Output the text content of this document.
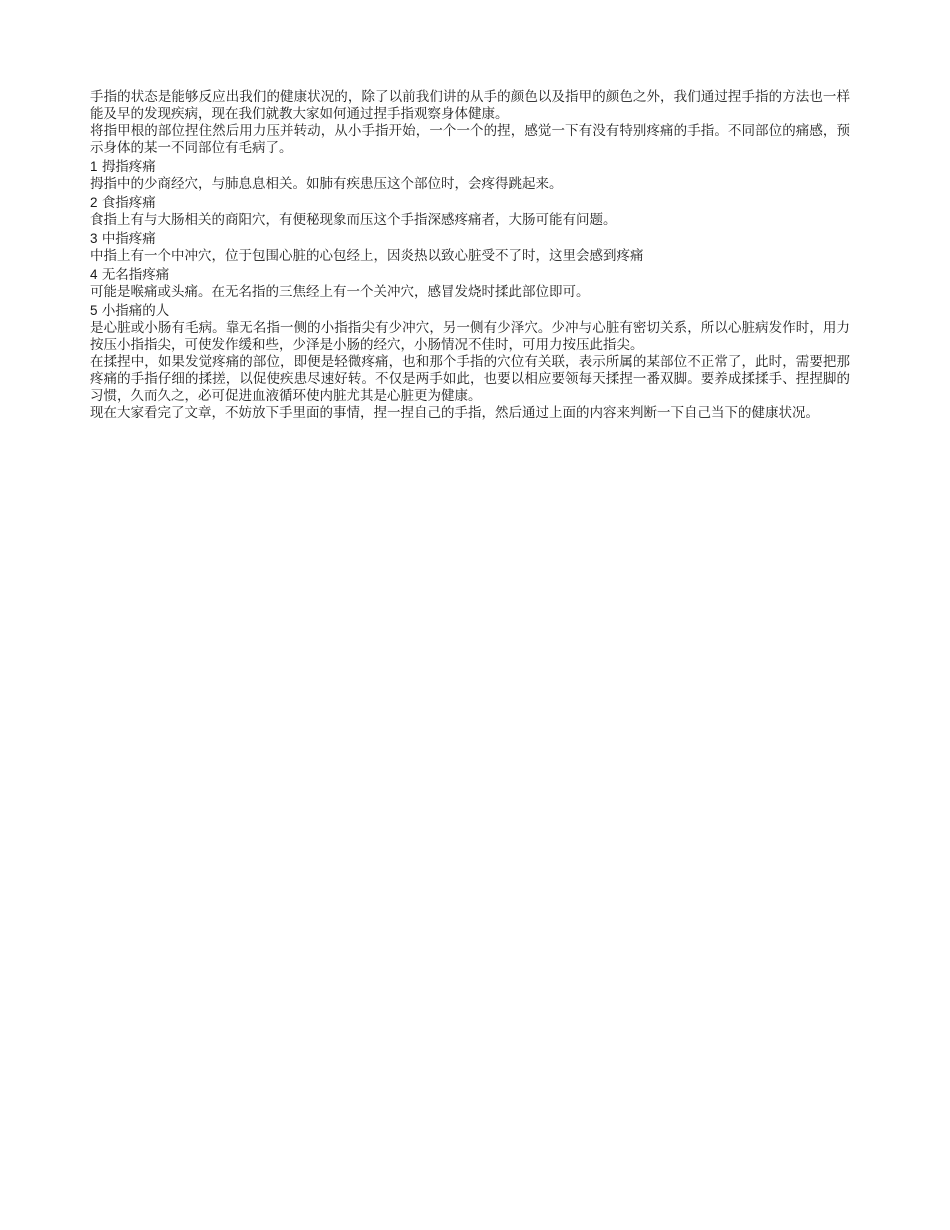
手指的状态是能够反应出我们的健康状况的，除了以前我们讲的从手的颜色以及指甲的颜色之外，我们通过捏手指的方法也一样能及早的发现疾病，现在我们就教大家如何通过捏手指观察身体健康。

将指甲根的部位捏住然后用力压并转动，从小手指开始，一个一个的捏，感觉一下有没有特别疼痛的手指。不同部位的痛感，预示身体的某一不同部位有毛病了。

1 拇指疼痛

拇指中的少商经穴，与肺息息相关。如肺有疾患压这个部位时，会疼得跳起来。

2 食指疼痛

食指上有与大肠相关的商阳穴，有便秘现象而压这个手指深感疼痛者，大肠可能有问题。

3 中指疼痛

中指上有一个中冲穴，位于包围心脏的心包经上，因炎热以致心脏受不了时，这里会感到疼痛

4 无名指疼痛

可能是喉痛或头痛。在无名指的三焦经上有一个关冲穴，感冒发烧时揉此部位即可。

5 小指痛的人

是心脏或小肠有毛病。靠无名指一侧的小指指尖有少冲穴，另一侧有少泽穴。少冲与心脏有密切关系，所以心脏病发作时，用力按压小指指尖，可使发作缓和些，少泽是小肠的经穴，小肠情况不佳时，可用力按压此指尖。

在揉捏中，如果发觉疼痛的部位，即便是轻微疼痛，也和那个手指的穴位有关联，表示所属的某部位不正常了，此时，需要把那疼痛的手指仔细的揉搓，以促使疾患尽速好转。不仅是两手如此，也要以相应要领每天揉捏一番双脚。要养成揉揉手、捏捏脚的习惯，久而久之，必可促进血液循环使内脏尤其是心脏更为健康。

现在大家看完了文章，不妨放下手里面的事情，捏一捏自己的手指，然后通过上面的内容来判断一下自己当下的健康状况。
